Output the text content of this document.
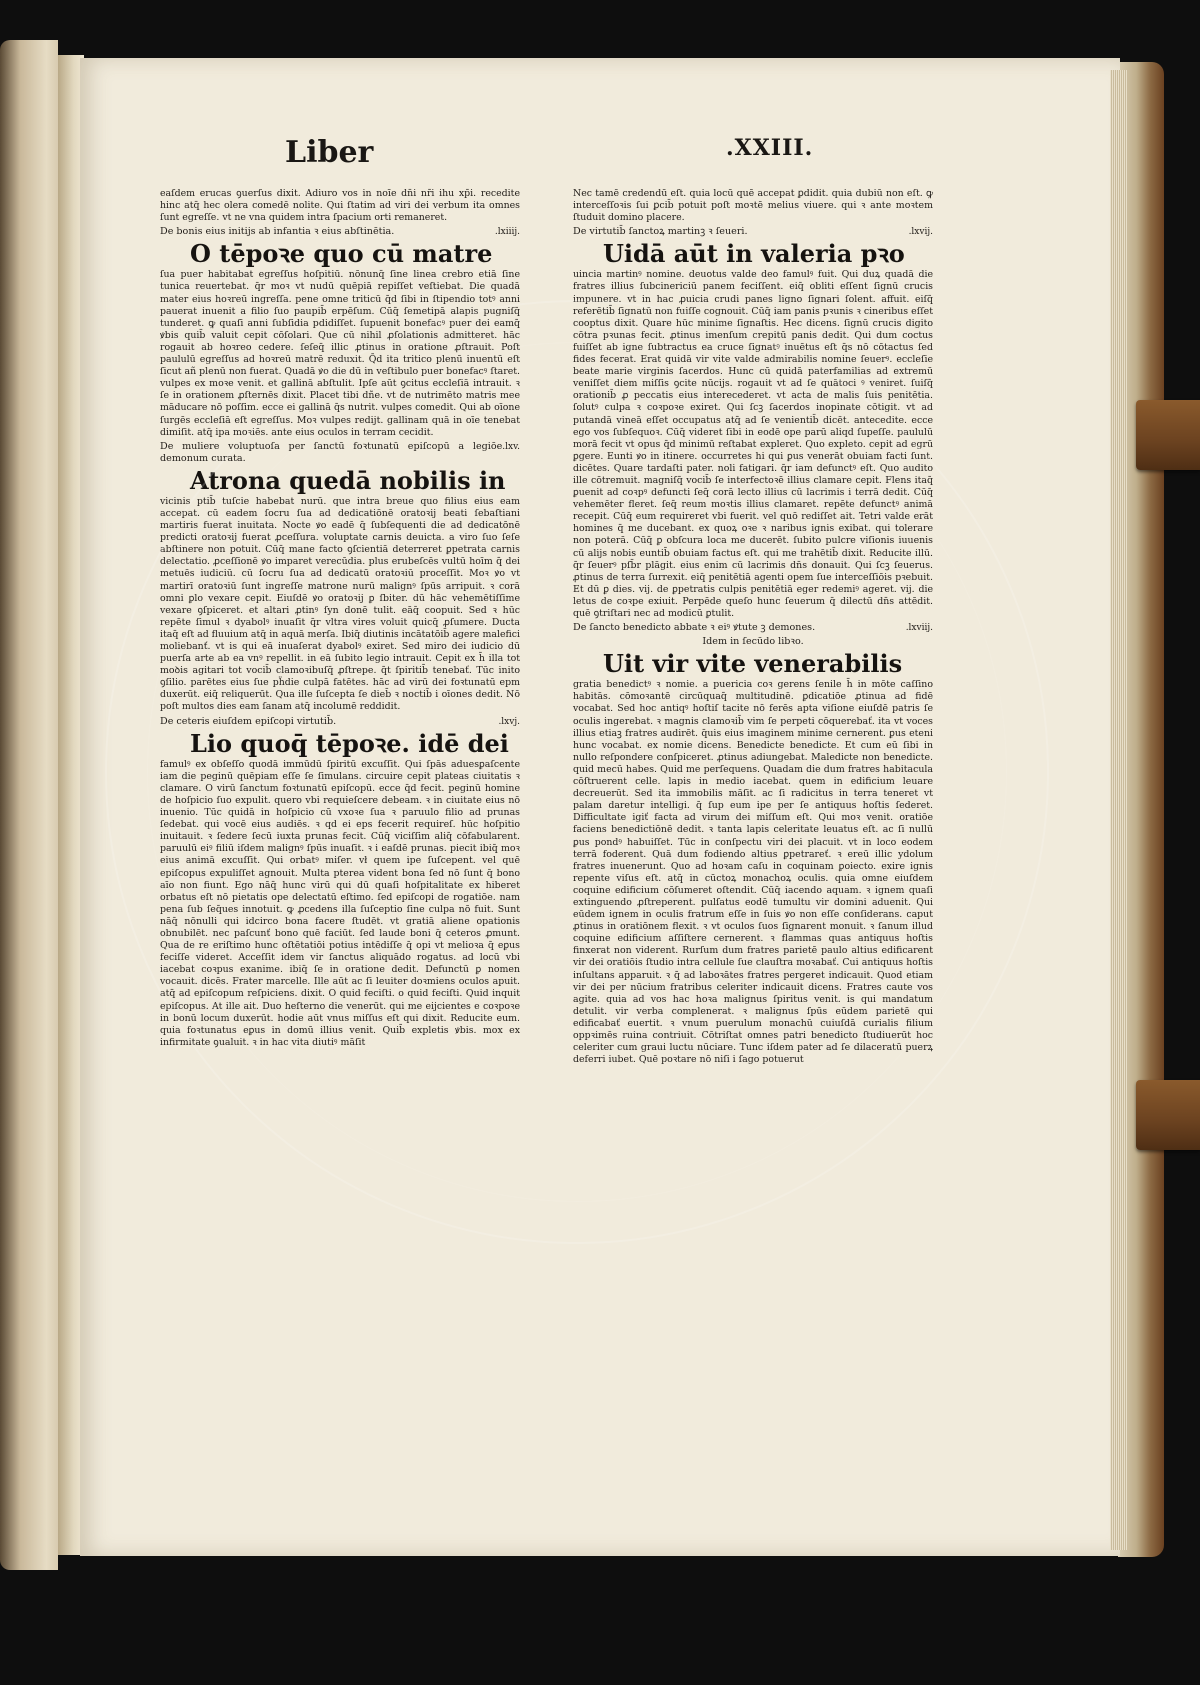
Liber	.XXIII.

eaſdem erucas ꝯuerſus dixit. Adiuro vos in noīe dn̄i nr̄i ihu xp̄i. recedite hinc atq̄ hec olera comedē nolite. Qui ſtatim ad viri dei verbum ita omnes ſunt egreſſe. vt ne vna quidem intra ſpacium orti remaneret.

De bonis eius initijs ab infantia ꝛ eius abſtinētia.	.lxiiij.
O tēpoꝛe quo cū matre

ſua puer habitabat egreſſus hoſpitiū. nōnunq̄ ſine linea crebro etiā ſine tunica reuertebat. q̄r moꝛ vt nudū quēpiā repiſſet veſtiebat. Die quadā mater eius hoꝛreū ingreſſa. pene omne triticū q̄d ſibi in ſtipendio totꝰ anni pauerat inuenit a filio ſuo paupib̄ erpēſum. Cūq̄ ſemetipā alapis pugniſq̄ tunderet. ꝙ quaſi anni ſubſidia pdidiſſet. ſupuenit bonefacꝰ puer dei eamq̄ ꝟbis quib̄ valuit cepit cōſolari. Que cū nihil ꝓſolationis admitteret. hāc rogauit ab hoꝛreo cedere. ſeſeq̄ illic ꝓtinus in oratione ꝓſtrauit. Poſt paululū egreſſus ad hoꝛreū matrē reduxit. Q̄d ita tritico plenū inuentū eſt ſicut añ plenū non fuerat. Quadā ꝟo die dū in veſtibulo puer bonefacꝰ ſtaret. vulpes ex moꝛe venit. et gallinā abſtulit. Ipſe aūt ꝯcitus eccleſiā intrauit. ꝛ ſe in orationem ꝓſternēs dixit. Placet tibi dñe. vt de nutrimēto matris mee māducare nō poſſim. ecce ei gallinā q̄s nutrit. vulpes comedit. Qui ab oīone ſurgēs eccleſiā eſt egreſſus. Moꝛ vulpes redijt. gallinam quā in oīe tenebat dimiſit. atq̄ ipa moꝛiēs. ante eius oculos in terram cecidit.

De muliere voluptuoſa per ſanctū foꝛtunatū epiſcopū a legiōe demonum curata.
.lxv.
Atrona quedā nobilis in

vicinis ptib̄ tuſcie habebat nurū. que intra breue quo filius eius eam accepat. cū eadem ſocru ſua ad dedicatiōnē oratoꝛij beati ſebaſtiani martiris fuerat inuitata. Nocte ꝟo eadē q̄ ſubſequenti die ad dedicatōnē predicti oratoꝛij fuerat ꝓceſſura. voluptate carnis deuicta. a viro ſuo ſeſe abſtinere non potuit. Cūq̄ mane facto ꝯſcientiā deterreret ꝑpetrata carnis delectatio. ꝓceſſionē ꝟo imparet verecūdia. plus erubeſcēs vultū hoīm q̄ dei metuēs iudiciū. cū ſocru ſua ad dedicatū oratoꝛiū proceſſit. Moꝛ ꝟo vt martirī oratoꝛiū ſunt ingreſſe matrone nurū malignꝰ ſpūs arripuit. ꝛ corā omni ꝑlo vexare cepit. Eiuſdē ꝟo oratoꝛij ꝑ ſbiter. dū hāc vehemētiſſime vexare ꝯſpiceret. et altari ꝓtinꝰ ſyn donē tulit. eāq̄ coopuit. Sed ꝛ hūc repēte ſimul ꝛ dyabolꝰ inuaſit q̄r vltra vires voluit quicq̄ ꝓſumere. Ducta itaq̄ eſt ad fluuium atq̄ in aquā merſa. Ibiq̄ diutinis incātatōib̄ agere malefici moliebanť. vt is qui eā inuaſerat dyabolꝰ exiret. Sed miro dei iudicio dū puerſa arte ab ea vnꝰ repellit. in eā ſubito legio intrauit. Cepit ex h̄ illa tot moꝺis agitari tot vocib̄ clamoꝛibuſq̄ ꝓſtrepe. q̄t ſpiritib̄ tenebať. Tūc inito ꝯſilio. parētes eius ſue pḧdie culpā fatētes. hāc ad virū dei foꝛtunatū epm duxerūt. eiq̄ reliquerūt. Qua ille ſuſcepta ſe dieb̄ ꝛ noctib̄ i oīones dedit. Nō poſt multos dies eam ſanam atq̄ incolumē reddidit.

De ceteris eiuſdem epiſcopi virtutib̄.	.lxvj.
Lio quoq̄ tēpoꝛe. idē dei

famulꝰ ex obſeſſo quodā immūdū ſpiritū excuſſit. Qui ſpās aduesꝑaſcente iam die peginū quēpiam eſſe ſe ſimulans. circuire cepit plateas ciuitatis ꝛ clamare. O virū ſanctum foꝛtunatū epiſcopū. ecce q̄d fecit. peginū homine de hoſpicio ſuo expulit. quero vbi requieſcere debeam. ꝛ in ciuitate eius nō inuenio. Tūc quidā in hoſpicio cū vxoꝛe ſua ꝛ paruulo filio ad prunas ſedebat. qui vocē eius audiēs. ꝛ qd ei eps fecerit requireſ. hūc hoſpitio inuitauit. ꝛ ſedere ſecū iuxta prunas fecit. Cūq̄ viciſſim aliq̄ cōfabularent. paruulū eiꝰ filiū iſdem malignꝰ ſpūs inuaſit. ꝛ i eaſdē prunas. piecit ibiq̄ moꝛ eius animā excuſſit. Qui orbatꝰ miſer. vł quem ipe ſuſcepent. vel quē epiſcopus expuliſſet agnouit. Multa pterea vident bona ſed nō ſunt q̄ bono aīo non fiunt. Ego nāq̄ hunc virū qui dū quaſi hoſpitalitate ex hiberet orbatus eſt nō pietatis ope delectatū eſtimo. ſed epiſcopi de rogatiōe. nam pena ſub ſeq̄ues innotuit. ꝙ ꝓcedens illa ſuſceptio ſine culpa nō fuit. Sunt nāq̄ nōnulli qui idcirco bona facere ſtudēt. vt gratiā aliene opationis obnubilēt. nec paſcunť bono quē faciūt. ſed laude boni q̄ ceteros ꝓmunt. Qua de re eriſtimo hunc oſtētatiōi potius intēdiſſe q̄ opi vt melioꝛa q̄ eꝑus feciſſe videret. Acceſſit idem vir ſanctus aliquādo rogatus. ad locū vbi iacebat coꝛpus exanime. ibiq̄ ſe in oratione dedit. Defunctū ꝑ nomen vocauit. dicēs. Frater marcelle. Ille aūt ac ſi leuiter doꝛmiens oculos apuit. atq̄ ad epiſcopum reſpiciens. dixit. O quid feciſti. o quid feciſti. Quid inquit epiſcopus. At ille ait. Duo heſterno die venerūt. qui me eijcientes e coꝛpoꝛe in bonū locum duxerūt. hodie aūt vnus miſſus eſt qui dixit. Reducite eum. quia foꝛtunatus eꝑus in domū illius venit. Quib̄ expletis ꝟbis. mox ex infirmitate ꝯualuit. ꝛ in hac vita diutiꝰ māſit

Nec tamē credendū eſt. quia locū quē accepat ꝑdidit. quia dubiū non eſt. ꝙ interceſſoꝛis ſui ꝑcib̄ potuit poſt moꝛtē melius viuere. qui ꝛ ante moꝛtem ſtuduit domino placere.

De virtutib̄ ſanctoꝝ martinꝫ ꝛ ſeueri.	.lxvij.
Uidā aūt in valeria pꝛo

uincia martinꝰ nomine. deuotus valde deo famulꝰ fuit. Qui duꝝ quadā die fratres illius ſubcinericiū panem feciſſent. eiq̄ obliti eſſent ſignū crucis impunere. vt in hac ꝓuicia crudi panes ligno ſignari ſolent. affuit. eiſq̄ referētib̄ ſignatū non fuiſſe cognouit. Cūq̄ iam panis pꝛunis ꝛ cineribus eſſet cooptus dixit. Quare hūc minime ſignaſtis. Hec dicens. ſignū crucis digito cōtra pꝛunas fecit. ꝓtinus imenſum crepitū panis dedit. Qui dum coctus fuiſſet ab igne ſubtractus ea cruce ſignatꝰ inuētus eſt q̄s nō cōtactus ſed fides fecerat. Erat quidā vir vite valde admirabilis nomine ſeuerꝰ. eccleſie beate marie virginis ſacerdos. Hunc cū quidā paterfamilias ad extremū veniſſet diem miſſis ꝯcite nūcijs. rogauit vt ad ſe quātoci ꝰ veniret. ſuiſq̄ orationib̄ ꝓ peccatis eius interecederet. vt acta de malis ſuis penitētia. ſolutꝰ culpa ꝛ coꝛpoꝛe exiret. Qui ſcꝫ ſacerdos inopinate cōtigit. vt ad putandā vineā eſſet occupatus atq̄ ad ſe venientib̄ dicēt. antecedite. ecce ego vos ſubſequoꝛ. Cūq̄ videret ſibi in eodē ope parū aliqd ſupeſſe. paululū morā fecit vt opus q̄d minimū reſtabat expleret. Quo expleto. cepit ad egrū ꝑgere. Eunti ꝟo in itinere. occurretes hi qui ꝑus venerāt obuiam facti ſunt. dicētes. Quare tardaſti pater. noli fatigari. q̄r iam defunctꝰ eſt. Quo audito ille cōtremuit. magniſq̄ vocib̄ ſe interfectoꝛē illius clamare cepit. Flens itaq̄ ꝑuenit ad coꝛpꝰ defuncti ſeq̄ corā lecto illius cū lacrimis i terrā dedit. Cūq̄ vehemēter fleret. ſeq̄ reum moꝛtis illius clamaret. repēte defunctꝰ animā recepit. Cūq̄ eum requireret vbi fuerit. vel quō rediſſet ait. Tetri valde erāt homines q̄ me ducebant. ex quoꝝ oꝛe ꝛ naribus ignis exibat. qui tolerare non poterā. Cūq̄ ꝑ obſcura loca me ducerēt. ſubito pulcre viſionis iuuenis cū alijs nobis euntib̄ obuiam factus eſt. qui me trahētib̄ dixit. Reducite illū. q̄r ſeuerꝰ pſb̄r plāgit. eius enim cū lacrimis dn̄s donauit. Qui ſcꝫ ſeuerus. ꝓtinus de terra ſurrexit. eiq̄ penitētiā agenti opem ſue interceſſiōis pꝛebuit. Et dū ꝑ dies. vij. de ꝑpetratis culpis penitētiā eger redemiꝰ ageret. vij. die letus de coꝛpe exiuit. Perpēde queſo hunc ſeuerum q̄ dilectū dn̄s attēdit. quē ꝯtriſtari nec ad modicū ꝑtulit.

De ſancto benedicto abbate ꝛ eiꝰ ꝟtute ꝫ demones.	.lxviij.
Idem in ſecūdo libꝛo.
Uit vir vite venerabilis

gratia benedictꝰ ꝛ nomie. a puericia coꝛ gerens ſenile h̄ in mōte caſſino habitās. cōmoꝛantē circūquaq̄ multitudinē. ꝑdicatiōe ꝓtinua ad fidē vocabat. Sed hoc antiqꝰ hoſtiſ tacite nō ferēs apta viſione eiuſdē patris ſe oculis ingerebat. ꝛ magnis clamoꝛib̄ vim ſe perpeti cōquerebať. ita vt voces illius etiaꝫ fratres audirēt. q̄uis eius imaginem minime cernerent. ꝑus eteni hunc vocabat. ex nomie dicens. Benedicte benedicte. Et cum eū ſibi in nullo reſpondere conſpiceret. ꝓtinus adiungebat. Maledicte non benedicte. quid mecū habes. Quid me perſequens. Quadam die dum fratres habitacula cōſtruerent celle. lapis in medio iacebat. quem in edificium leuare decreuerūt. Sed ita immobilis māſit. ac ſi radicitus in terra teneret vt palam daretur intelligi. q̄ ſup eum ipe per ſe antiquus hoſtis ſederet. Difficultate igiť facta ad virum dei miſſum eſt. Qui moꝛ venit. oratiōe faciens benedictiōnē dedit. ꝛ tanta lapis celeritate leuatus eſt. ac ſi nullū ꝑus pondꝰ habuiſſet. Tūc in conſpectu viri dei placuit. vt in loco eodem terrā foderent. Quā dum fodiendo altius ꝑpetrareť. ꝛ ereū illic ydolum fratres inuenerunt. Quo ad hoꝛam caſu in coquinam ꝑoiecto. exire ignis repente viſus eſt. atq̄ in cūctoꝝ monachoꝝ oculis. quia omne eiuſdem coquine edificium cōſumeret oſtendit. Cūq̄ iacendo aquam. ꝛ ignem quaſi extinguendo ꝓſtreperent. pulſatus eodē tumultu vir domini aduenit. Qui eūdem ignem in oculis fratrum eſſe in ſuis ꝟo non eſſe conſiderans. caput ꝓtinus in oratiōnem flexit. ꝛ vt oculos ſuos ſignarent monuit. ꝛ ſanum illud coquine edificium aſſiſtere cernerent. ꝛ flammas quas antiquus hoſtis finxerat non viderent. Rurſum dum fratres parietē paulo altius edificarent vir dei oratiōis ſtudio intra cellule ſue clauſtra moꝛabať. Cui antiquus hoſtis inſultans apparuit. ꝛ q̄ ad laboꝛātes fratres pergeret indicauit. Quod etiam vir dei per nūcium fratribus celeriter indicauit dicens. Fratres caute vos agite. quia ad vos hac hoꝛa malignus ſpiritus venit. is qui mandatum detulit. vir verba complenerat. ꝛ malignus ſpūs eūdem parietē qui edificabať euertit. ꝛ vnum puerulum monachū cuiuſdā curialis filium oppꝛimēs ruina contriuit. Cōtriſtat omnes patri benedicto ſtudiuerūt hoc celeriter cum graui luctu nūciare. Tunc iſdem pater ad ſe dilaceratū puerꝝ deferri iubet. Quē poꝛtare nō niſi i ſago potuerut
